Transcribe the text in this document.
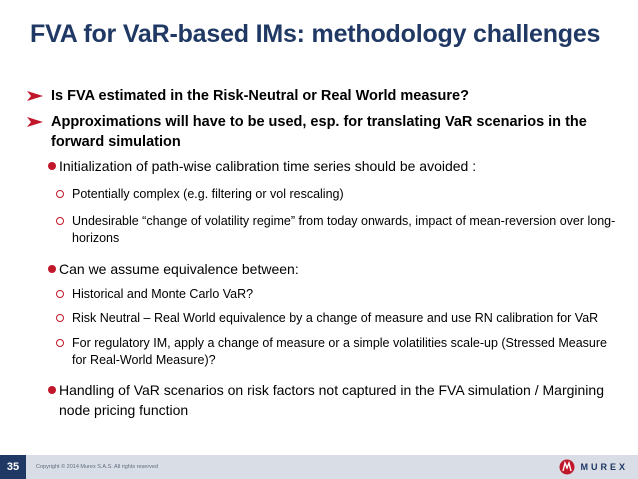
FVA for VaR-based IMs: methodology challenges
Is FVA estimated in the Risk-Neutral or Real World measure?
Approximations will have to be used, esp. for translating VaR scenarios in the forward simulation
Initialization of path-wise calibration time series should be avoided :
Potentially complex (e.g. filtering or vol rescaling)
Undesirable “change of volatility regime” from today onwards, impact of mean-reversion over long-horizons
Can we assume equivalence between:
Historical and Monte Carlo VaR?
Risk Neutral – Real World equivalence by a change of measure and use RN calibration for VaR
For regulatory IM, apply a change of measure or a simple volatilities scale-up (Stressed Measure for Real-World Measure)?
Handling of VaR scenarios on risk factors not captured in the FVA simulation / Margining node pricing function
35	Copyright © 2014 Murex S.A.S. All rights reserved	MUREX
